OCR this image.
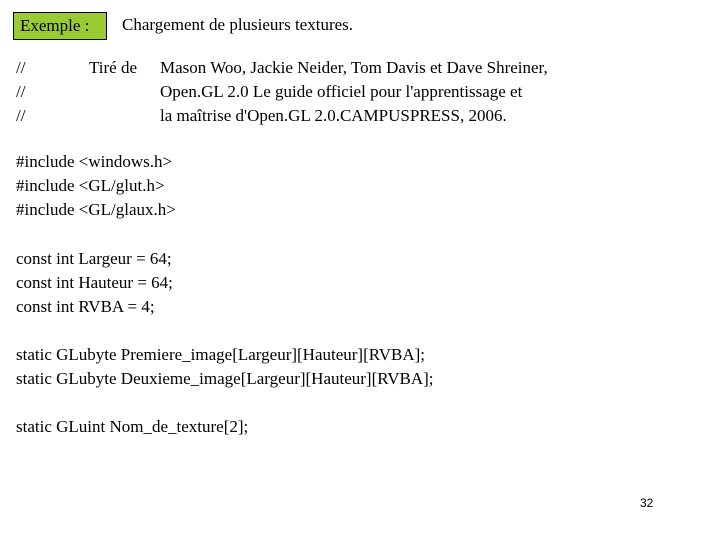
Exemple : Chargement de plusieurs textures.
//	Tiré de Mason Woo, Jackie Neider, Tom Davis et Dave Shreiner,
//	Open.GL 2.0 Le guide officiel pour l'apprentissage et
//	la maîtrise d'Open.GL 2.0.CAMPUSPRESS, 2006.
#include <windows.h>
#include <GL/glut.h>
#include <GL/glaux.h>
const int Largeur = 64;
const int Hauteur = 64;
const int RVBA = 4;
static GLubyte Premiere_image[Largeur][Hauteur][RVBA];
static GLubyte Deuxieme_image[Largeur][Hauteur][RVBA];
static GLuint Nom_de_texture[2];
32
